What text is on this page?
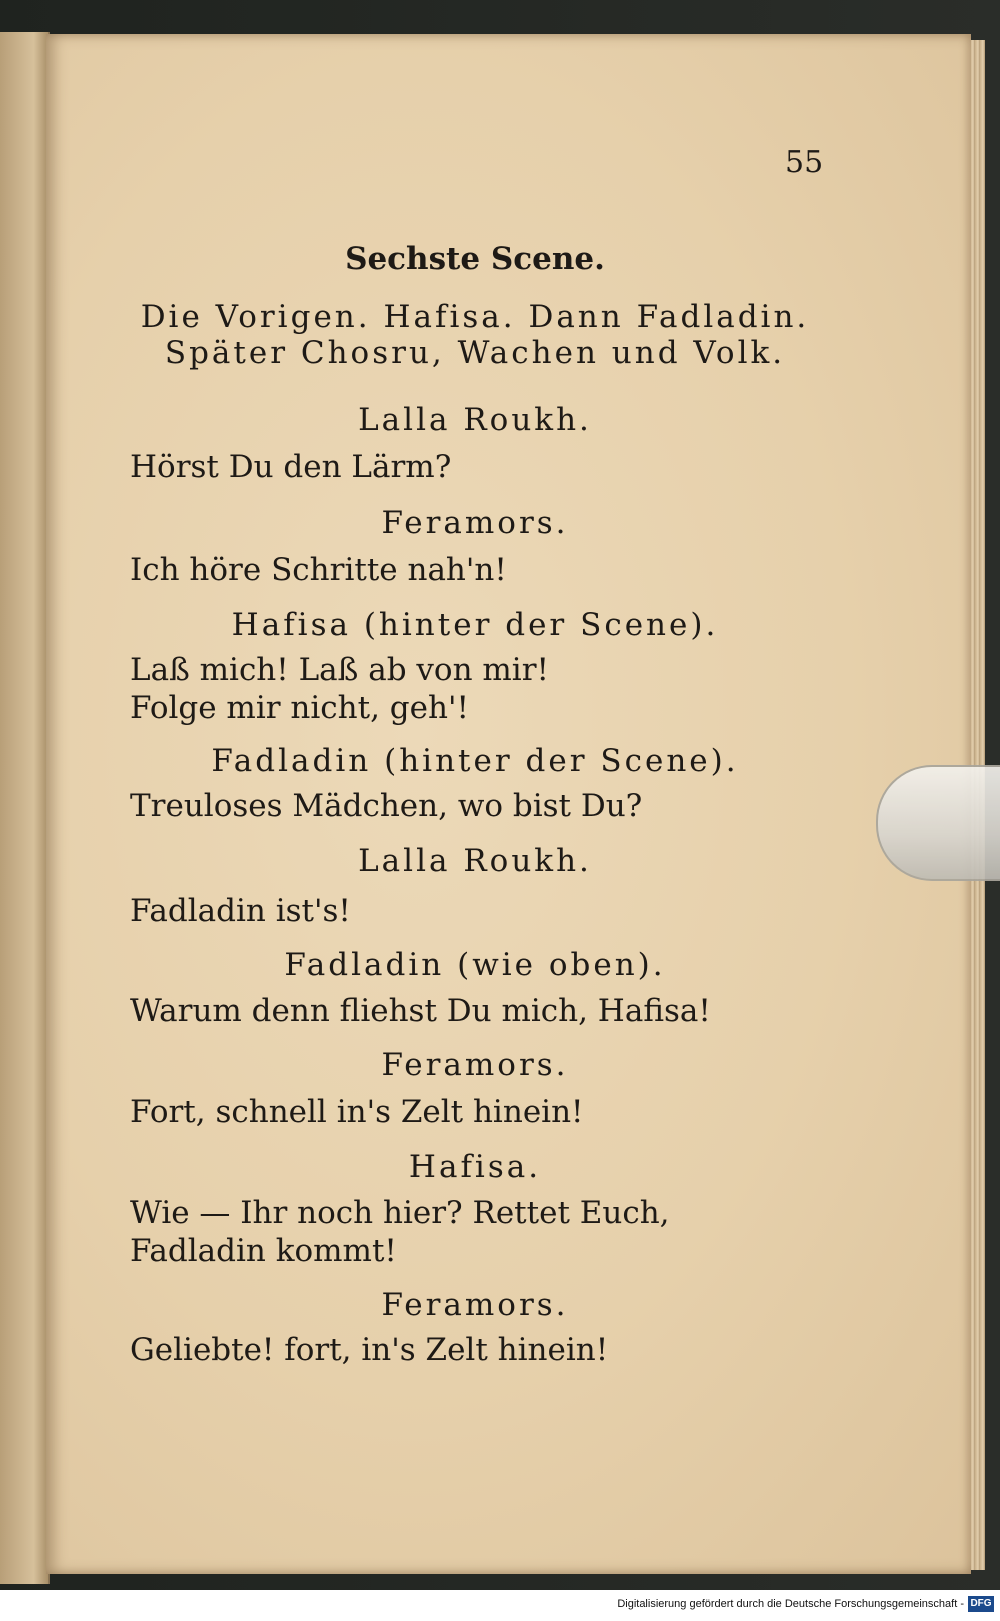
55
Sechste Scene.
Die Vorigen. Hafisa. Dann Fadladin.
Später Chosru, Wachen und Volk.
Lalla Roukh.
Hörst Du den Lärm?
Feramors.
Ich höre Schritte nah'n!
Hafisa (hinter der Scene).
Laß mich! Laß ab von mir!
Folge mir nicht, geh'!
Fadladin (hinter der Scene).
Treuloses Mädchen, wo bist Du?
Lalla Roukh.
Fadladin ist's!
Fadladin (wie oben).
Warum denn fliehst Du mich, Hafisa!
Feramors.
Fort, schnell in's Zelt hinein!
Hafisa.
Wie — Ihr noch hier? Rettet Euch,
Fadladin kommt!
Feramors.
Geliebte! fort, in's Zelt hinein!
Digitalisierung gefördert durch die Deutsche Forschungsgemeinschaft - DFG
